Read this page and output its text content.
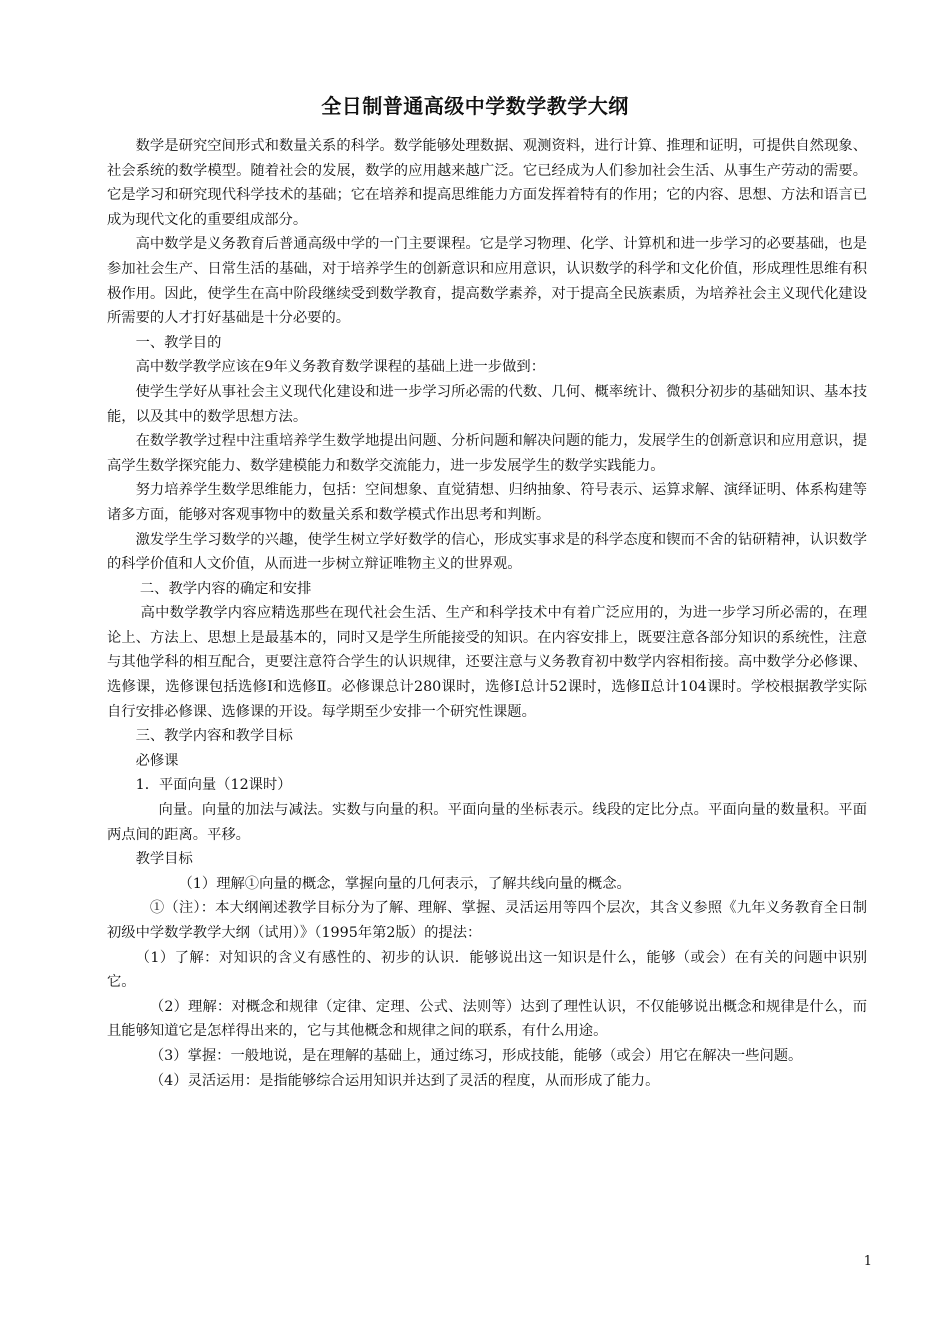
全日制普通高级中学数学教学大纲

数学是研究空间形式和数量关系的科学。数学能够处理数据、观测资料，进行计算、推理和证明，可提供自然现象、社会系统的数学模型。随着社会的发展，数学的应用越来越广泛。它已经成为人们参加社会生活、从事生产劳动的需要。它是学习和研究现代科学技术的基础；它在培养和提高思维能力方面发挥着特有的作用；它的内容、思想、方法和语言已成为现代文化的重要组成部分。

高中数学是义务教育后普通高级中学的一门主要课程。它是学习物理、化学、计算机和进一步学习的必要基础，也是参加社会生产、日常生活的基础，对于培养学生的创新意识和应用意识，认识数学的科学和文化价值，形成理性思维有积极作用。因此，使学生在高中阶段继续受到数学教育，提高数学素养，对于提高全民族素质，为培养社会主义现代化建设所需要的人才打好基础是十分必要的。

一、教学目的

高中数学教学应该在9年义务教育数学课程的基础上进一步做到：

使学生学好从事社会主义现代化建设和进一步学习所必需的代数、几何、概率统计、微积分初步的基础知识、基本技能，以及其中的数学思想方法。

在数学教学过程中注重培养学生数学地提出问题、分析问题和解决问题的能力，发展学生的创新意识和应用意识，提高学生数学探究能力、数学建模能力和数学交流能力，进一步发展学生的数学实践能力。

努力培养学生数学思维能力，包括：空间想象、直觉猜想、归纳抽象、符号表示、运算求解、演绎证明、体系构建等诸多方面，能够对客观事物中的数量关系和数学模式作出思考和判断。

激发学生学习数学的兴趣，使学生树立学好数学的信心，形成实事求是的科学态度和锲而不舍的钻研精神，认识数学的科学价值和人文价值，从而进一步树立辩证唯物主义的世界观。

二、教学内容的确定和安排

高中数学教学内容应精选那些在现代社会生活、生产和科学技术中有着广泛应用的，为进一步学习所必需的，在理论上、方法上、思想上是最基本的，同时又是学生所能接受的知识。在内容安排上，既要注意各部分知识的系统性，注意与其他学科的相互配合，更要注意符合学生的认识规律，还要注意与义务教育初中数学内容相衔接。高中数学分必修课、选修课，选修课包括选修Ⅰ和选修Ⅱ。必修课总计280课时，选修Ⅰ总计52课时，选修Ⅱ总计104课时。学校根据教学实际自行安排必修课、选修课的开设。每学期至少安排一个研究性课题。

三、教学内容和教学目标

必修课

1．平面向量（12课时）

向量。向量的加法与减法。实数与向量的积。平面向量的坐标表示。线段的定比分点。平面向量的数量积。平面两点间的距离。平移。

教学目标

（1）理解①向量的概念，掌握向量的几何表示，了解共线向量的概念。

①（注）：本大纲阐述教学目标分为了解、理解、掌握、灵活运用等四个层次，其含义参照《九年义务教育全日制初级中学数学教学大纲（试用）》（1995年第2版）的提法：

（1）了解：对知识的含义有感性的、初步的认识．能够说出这一知识是什么，能够（或会）在有关的问题中识别它。

（2）理解：对概念和规律（定律、定理、公式、法则等）达到了理性认识，不仅能够说出概念和规律是什么，而且能够知道它是怎样得出来的，它与其他概念和规律之间的联系，有什么用途。

（3）掌握：一般地说，是在理解的基础上，通过练习，形成技能，能够（或会）用它在解决一些问题。

（4）灵活运用：是指能够综合运用知识并达到了灵活的程度，从而形成了能力。

1
